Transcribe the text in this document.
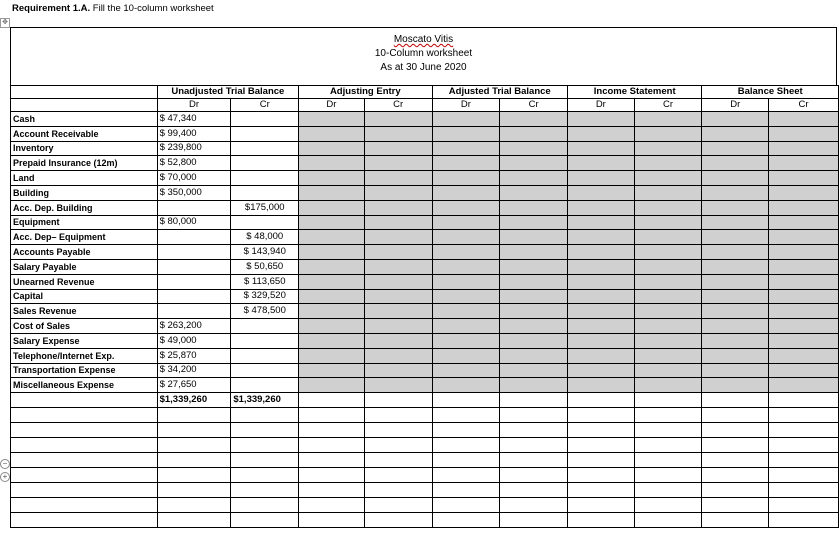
Requirement 1.A. Fill the 10-column worksheet
✥
−
+
Moscato Vitis
10-Column worksheet
As at 30 June 2020
	Unadjusted Trial Balance		Adjusting Entry		Adjusted Trial Balance		Income Statement		Balance Sheet	
	Dr	Cr	Dr	Cr	Dr	Cr	Dr	Cr	Dr	Cr
Cash	$ 47,340									
Account Receivable	$ 99,400									
Inventory	$ 239,800									
Prepaid Insurance (12m)	$ 52,800									
Land	$ 70,000									
Building	$ 350,000									
Acc. Dep. Building		$175,000								
Equipment	$ 80,000									
Acc. Dep– Equipment		$ 48,000								
Accounts Payable		$ 143,940								
Salary Payable		$ 50,650								
Unearned Revenue		$ 113,650								
Capital		$ 329,520								
Sales Revenue		$ 478,500								
Cost of Sales	$ 263,200									
Salary Expense	$ 49,000									
Telephone/Internet Exp.	$ 25,870									
Transportation Expense	$ 34,200									
Miscellaneous Expense	$ 27,650									
	$1,339,260	$1,339,260								
